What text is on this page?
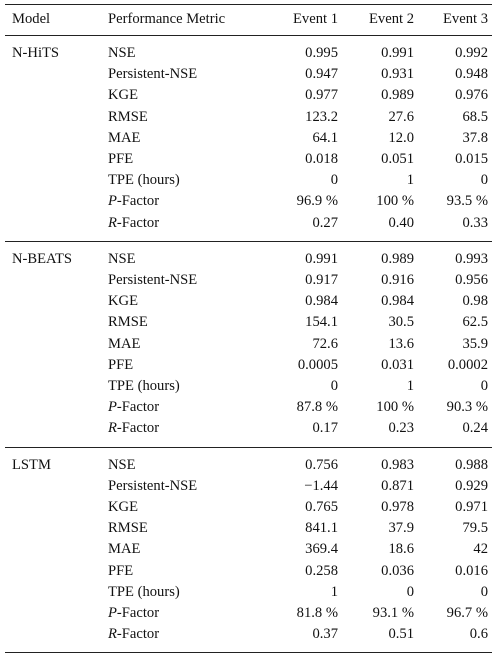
Model	Performance Metric	Event 1	Event 2	Event 3
N-HiTS	NSE	0.995	0.991	0.992
	Persistent-NSE	0.947	0.931	0.948
	KGE	0.977	0.989	0.976
	RMSE	123.2	27.6	68.5
	MAE	64.1	12.0	37.8
	PFE	0.018	0.051	0.015
	TPE (hours)	0	1	0
	P-Factor	96.9 %	100 %	93.5 %
	R-Factor	0.27	0.40	0.33
N-BEATS	NSE	0.991	0.989	0.993
	Persistent-NSE	0.917	0.916	0.956
	KGE	0.984	0.984	0.98
	RMSE	154.1	30.5	62.5
	MAE	72.6	13.6	35.9
	PFE	0.0005	0.031	0.0002
	TPE (hours)	0	1	0
	P-Factor	87.8 %	100 %	90.3 %
	R-Factor	0.17	0.23	0.24
LSTM	NSE	0.756	0.983	0.988
	Persistent-NSE	−1.44	0.871	0.929
	KGE	0.765	0.978	0.971
	RMSE	841.1	37.9	79.5
	MAE	369.4	18.6	42
	PFE	0.258	0.036	0.016
	TPE (hours)	1	0	0
	P-Factor	81.8 %	93.1 %	96.7 %
	R-Factor	0.37	0.51	0.6
